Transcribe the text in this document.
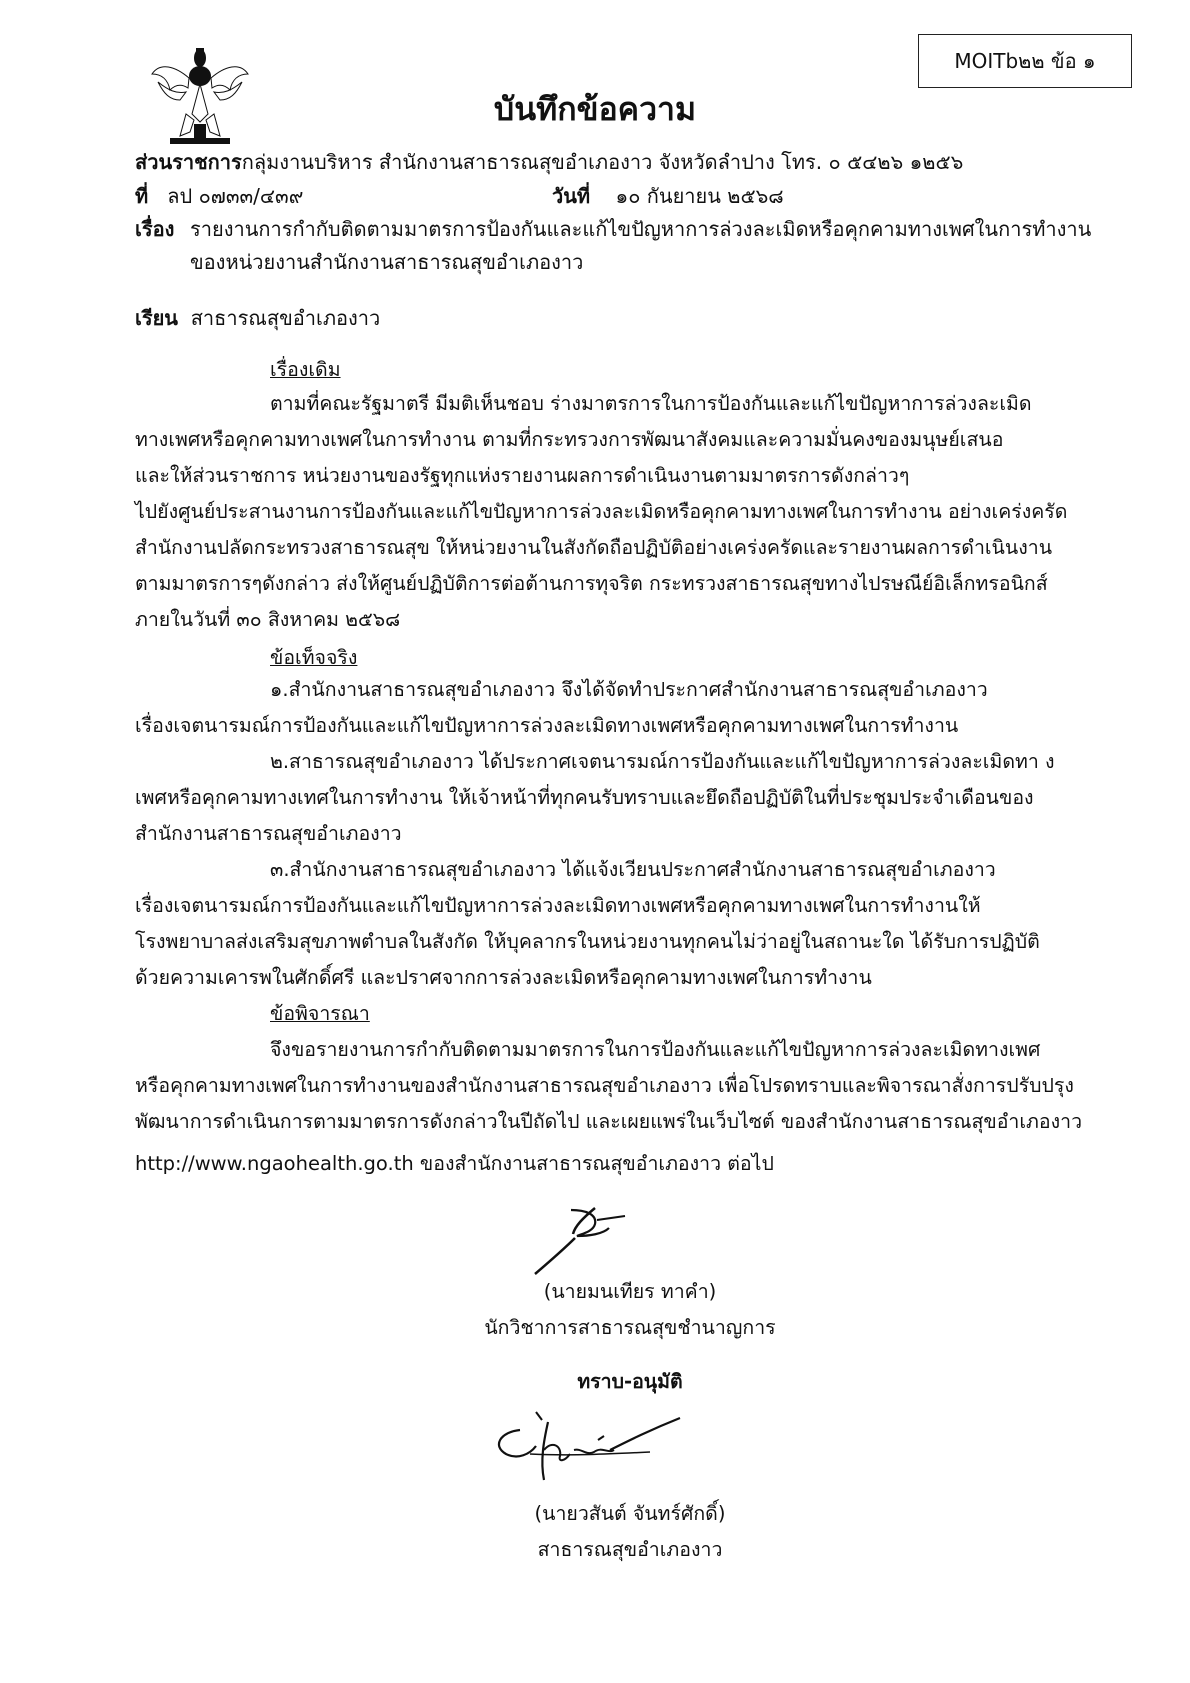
MOITb๒๒ ข้อ ๑
บันทึกข้อความ
ส่วนราชการกลุ่มงานบริหาร สำนักงานสาธารณสุขอำเภองาว จังหวัดลำปาง โทร. ๐ ๕๔๒๖ ๑๒๕๖
ที่ ลป ๐๗๓๓/๔๓๙	วันที่ ๑๐ กันยายน ๒๕๖๘
เรื่อง รายงานการกำกับติดตามมาตรการป้องกันและแก้ไขปัญหาการล่วงละเมิดหรือคุกคามทางเพศในการทำงาน
ของหน่วยงานสำนักงานสาธารณสุขอำเภองาว
เรียน สาธารณสุขอำเภองาว
เรื่องเดิม
ตามที่คณะรัฐมาตรี มีมติเห็นชอบ ร่างมาตรการในการป้องกันและแก้ไขปัญหาการล่วงละเมิด
ทางเพศหรือคุกคามทางเพศในการทำงาน ตามที่กระทรวงการพัฒนาสังคมและความมั่นคงของมนุษย์เสนอ
และให้ส่วนราชการ หน่วยงานของรัฐทุกแห่งรายงานผลการดำเนินงานตามมาตรการดังกล่าวๆ
ไปยังศูนย์ประสานงานการป้องกันและแก้ไขปัญหาการล่วงละเมิดหรือคุกคามทางเพศในการทำงาน อย่างเคร่งครัด
สำนักงานปลัดกระทรวงสาธารณสุข ให้หน่วยงานในสังกัดถือปฏิบัติอย่างเคร่งครัดและรายงานผลการดำเนินงาน
ตามมาตรการๆดังกล่าว ส่งให้ศูนย์ปฏิบัติการต่อต้านการทุจริต กระทรวงสาธารณสุขทางไปรษณีย์อิเล็กทรอนิกส์
ภายในวันที่ ๓๐ สิงหาคม ๒๕๖๘
ข้อเท็จจริง
๑.สำนักงานสาธารณสุขอำเภองาว จึงได้จัดทำประกาศสำนักงานสาธารณสุขอำเภองาว
เรื่องเจตนารมณ์การป้องกันและแก้ไขปัญหาการล่วงละเมิดทางเพศหรือคุกคามทางเพศในการทำงาน
๒.สาธารณสุขอำเภองาว ได้ประกาศเจตนารมณ์การป้องกันและแก้ไขปัญหาการล่วงละเมิดทา ง
เพศหรือคุกคามทางเทศในการทำงาน ให้เจ้าหน้าที่ทุกคนรับทราบและยึดถือปฏิบัติในที่ประชุมประจำเดือนของ
สำนักงานสาธารณสุขอำเภองาว
๓.สำนักงานสาธารณสุขอำเภองาว ได้แจ้งเวียนประกาศสำนักงานสาธารณสุขอำเภองาว
เรื่องเจตนารมณ์การป้องกันและแก้ไขปัญหาการล่วงละเมิดทางเพศหรือคุกคามทางเพศในการทำงานให้
โรงพยาบาลส่งเสริมสุขภาพตำบลในสังกัด ให้บุคลากรในหน่วยงานทุกคนไม่ว่าอยู่ในสถานะใด ได้รับการปฏิบัติ
ด้วยความเคารพในศักดิ์ศรี และปราศจากการล่วงละเมิดหรือคุกคามทางเพศในการทำงาน
ข้อพิจารณา
จึงขอรายงานการกำกับติดตามมาตรการในการป้องกันและแก้ไขปัญหาการล่วงละเมิดทางเพศ
หรือคุกคามทางเพศในการทำงานของสำนักงานสาธารณสุขอำเภองาว เพื่อโปรดทราบและพิจารณาสั่งการปรับปรุง
พัฒนาการดำเนินการตามมาตรการดังกล่าวในปีถัดไป และเผยแพร่ในเว็บไซต์ ของสำนักงานสาธารณสุขอำเภองาว
http://www.ngaohealth.go.th ของสำนักงานสาธารณสุขอำเภองาว ต่อไป
(นายมนเทียร ทาคำ)
นักวิชาการสาธารณสุขชำนาญการ
ทราบ-อนุมัติ
(นายวสันต์ จันทร์ศักดิ์)
สาธารณสุขอำเภองาว
